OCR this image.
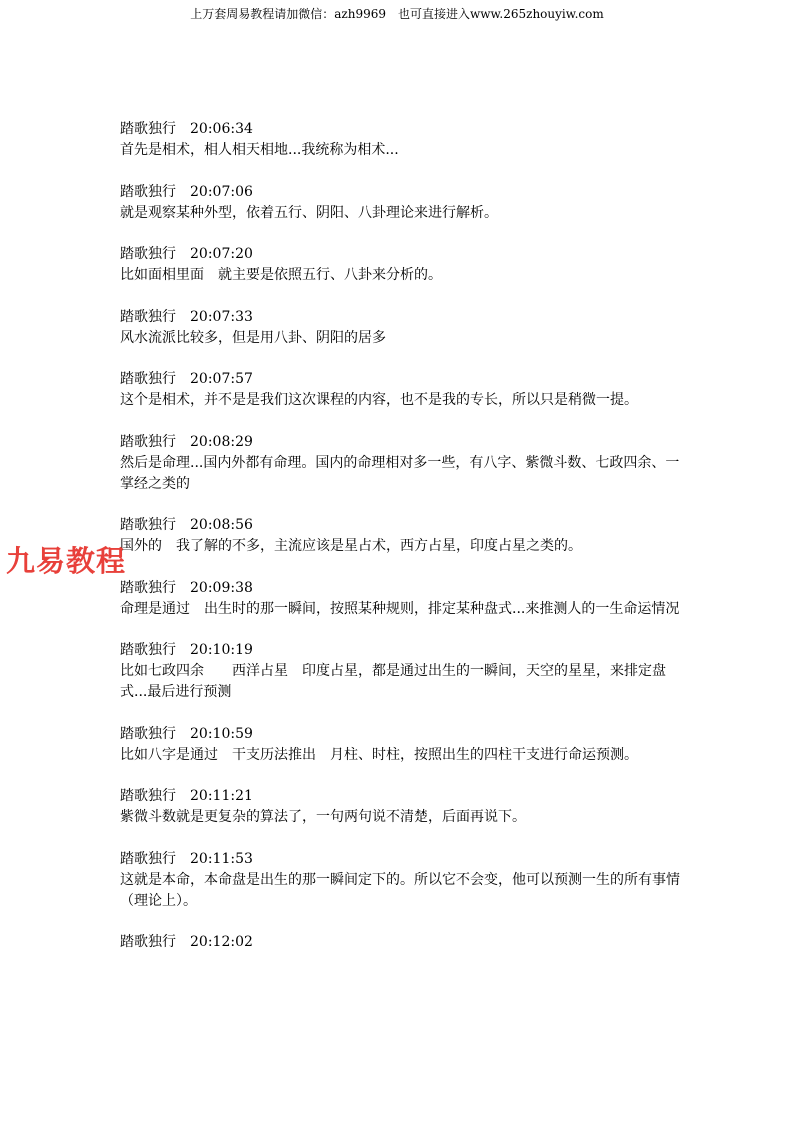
上万套周易教程请加微信：azh9969　也可直接进入www.265zhouyiw.com
踏歌独行　 20:06:34
首先是相术，相人相天相地...我统称为相术...
踏歌独行　 20:07:06
就是观察某种外型，依着五行、阴阳、八卦理论来进行解析。
踏歌独行　 20:07:20
比如面相里面　就主要是依照五行、八卦来分析的。
踏歌独行　 20:07:33
风水流派比较多，但是用八卦、阴阳的居多
踏歌独行　 20:07:57
这个是相术，并不是是我们这次课程的内容，也不是我的专长，所以只是稍微一提。
踏歌独行　 20:08:29
然后是命理...国内外都有命理。国内的命理相对多一些，有八字、紫微斗数、七政四余、一掌经之类的
踏歌独行　 20:08:56
国外的　我了解的不多，主流应该是星占术，西方占星，印度占星之类的。
踏歌独行　 20:09:38
命理是通过　出生时的那一瞬间，按照某种规则，排定某种盘式...来推测人的一生命运情况
踏歌独行　 20:10:19
比如七政四余　　西洋占星　印度占星，都是通过出生的一瞬间，天空的星星，来排定盘式...最后进行预测
踏歌独行　 20:10:59
比如八字是通过　干支历法推出　月柱、时柱，按照出生的四柱干支进行命运预测。
踏歌独行　 20:11:21
紫微斗数就是更复杂的算法了，一句两句说不清楚，后面再说下。
踏歌独行　 20:11:53
这就是本命，本命盘是出生的那一瞬间定下的。所以它不会变，他可以预测一生的所有事情（理论上）。
踏歌独行　 20:12:02
九易教程
